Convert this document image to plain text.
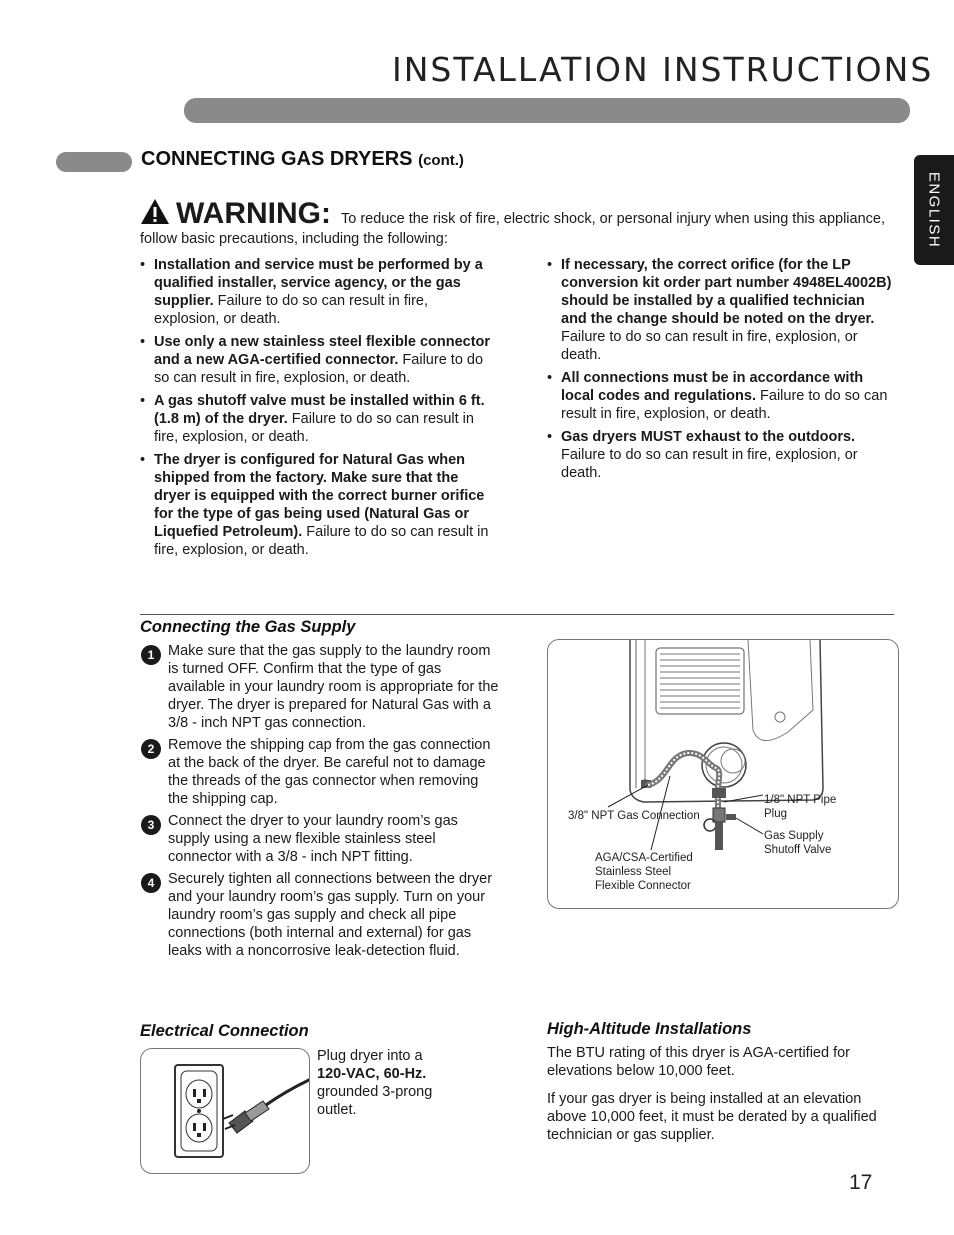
INSTALLATION INSTRUCTIONS
CONNECTING GAS DRYERS (cont.)
ENGLISH
WARNING: To reduce the risk of fire, electric shock, or personal injury when using this appliance, follow basic precautions, including the following:
• Installation and service must be performed by a qualified installer, service agency, or the gas supplier. Failure to do so can result in fire, explosion, or death.
• Use only a new stainless steel flexible connector and a new AGA-certified connector. Failure to do so can result in fire, explosion, or death.
• A gas shutoff valve must be installed within 6 ft. (1.8 m) of the dryer. Failure to do so can result in fire, explosion, or death.
• The dryer is configured for Natural Gas when shipped from the factory. Make sure that the dryer is equipped with the correct burner orifice for the type of gas being used (Natural Gas or Liquefied Petroleum). Failure to do so can result in fire, explosion, or death.
• If necessary, the correct orifice (for the LP conversion kit order part number 4948EL4002B) should be installed by a qualified technician and the change should be noted on the dryer. Failure to do so can result in fire, explosion, or death.
• All connections must be in accordance with local codes and regulations. Failure to do so can result in fire, explosion, or death.
• Gas dryers MUST exhaust to the outdoors. Failure to do so can result in fire, explosion, or death.
Connecting the Gas Supply
1 Make sure that the gas supply to the laundry room is turned OFF. Confirm that the type of gas available in your laundry room is appropriate for the dryer. The dryer is prepared for Natural Gas with a 3/8 - inch NPT gas connection.
2 Remove the shipping cap from the gas connection at the back of the dryer. Be careful not to damage the threads of the gas connector when removing the shipping cap.
3 Connect the dryer to your laundry room’s gas supply using a new flexible stainless steel connector with a 3/8 - inch NPT fitting.
4 Securely tighten all connections between the dryer and your laundry room’s gas supply. Turn on your laundry room’s gas supply and check all pipe connections (both internal and external) for gas leaks with a noncorrosive leak-detection fluid.
3/8" NPT Gas Connection
1/8" NPT Pipe Plug
Gas Supply Shutoff Valve
AGA/CSA-Certified Stainless Steel Flexible Connector
Electrical Connection
Plug dryer into a
120-VAC, 60-Hz.
grounded 3-prong outlet.
High-Altitude Installations

The BTU rating of this dryer is AGA-certified for elevations below 10,000 feet.

If your gas dryer is being installed at an elevation above 10,000 feet, it must be derated by a qualified technician or gas supplier.

17
